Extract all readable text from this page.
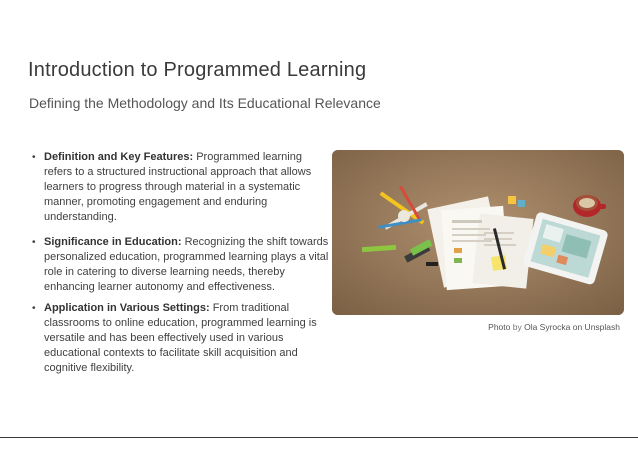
Introduction to Programmed Learning
Defining the Methodology and Its Educational Relevance
• Definition and Key Features: Programmed learning refers to a structured instructional approach that allows learners to progress through material in a systematic manner, promoting engagement and enduring understanding.
• Significance in Education: Recognizing the shift towards personalized education, programmed learning plays a vital role in catering to diverse learning needs, thereby enhancing learner autonomy and effectiveness.
• Application in Various Settings: From traditional classrooms to online education, programmed learning is versatile and has been effectively used in various educational contexts to facilitate skill acquisition and cognitive flexibility.
Photo by Ola Syrocka on Unsplash
